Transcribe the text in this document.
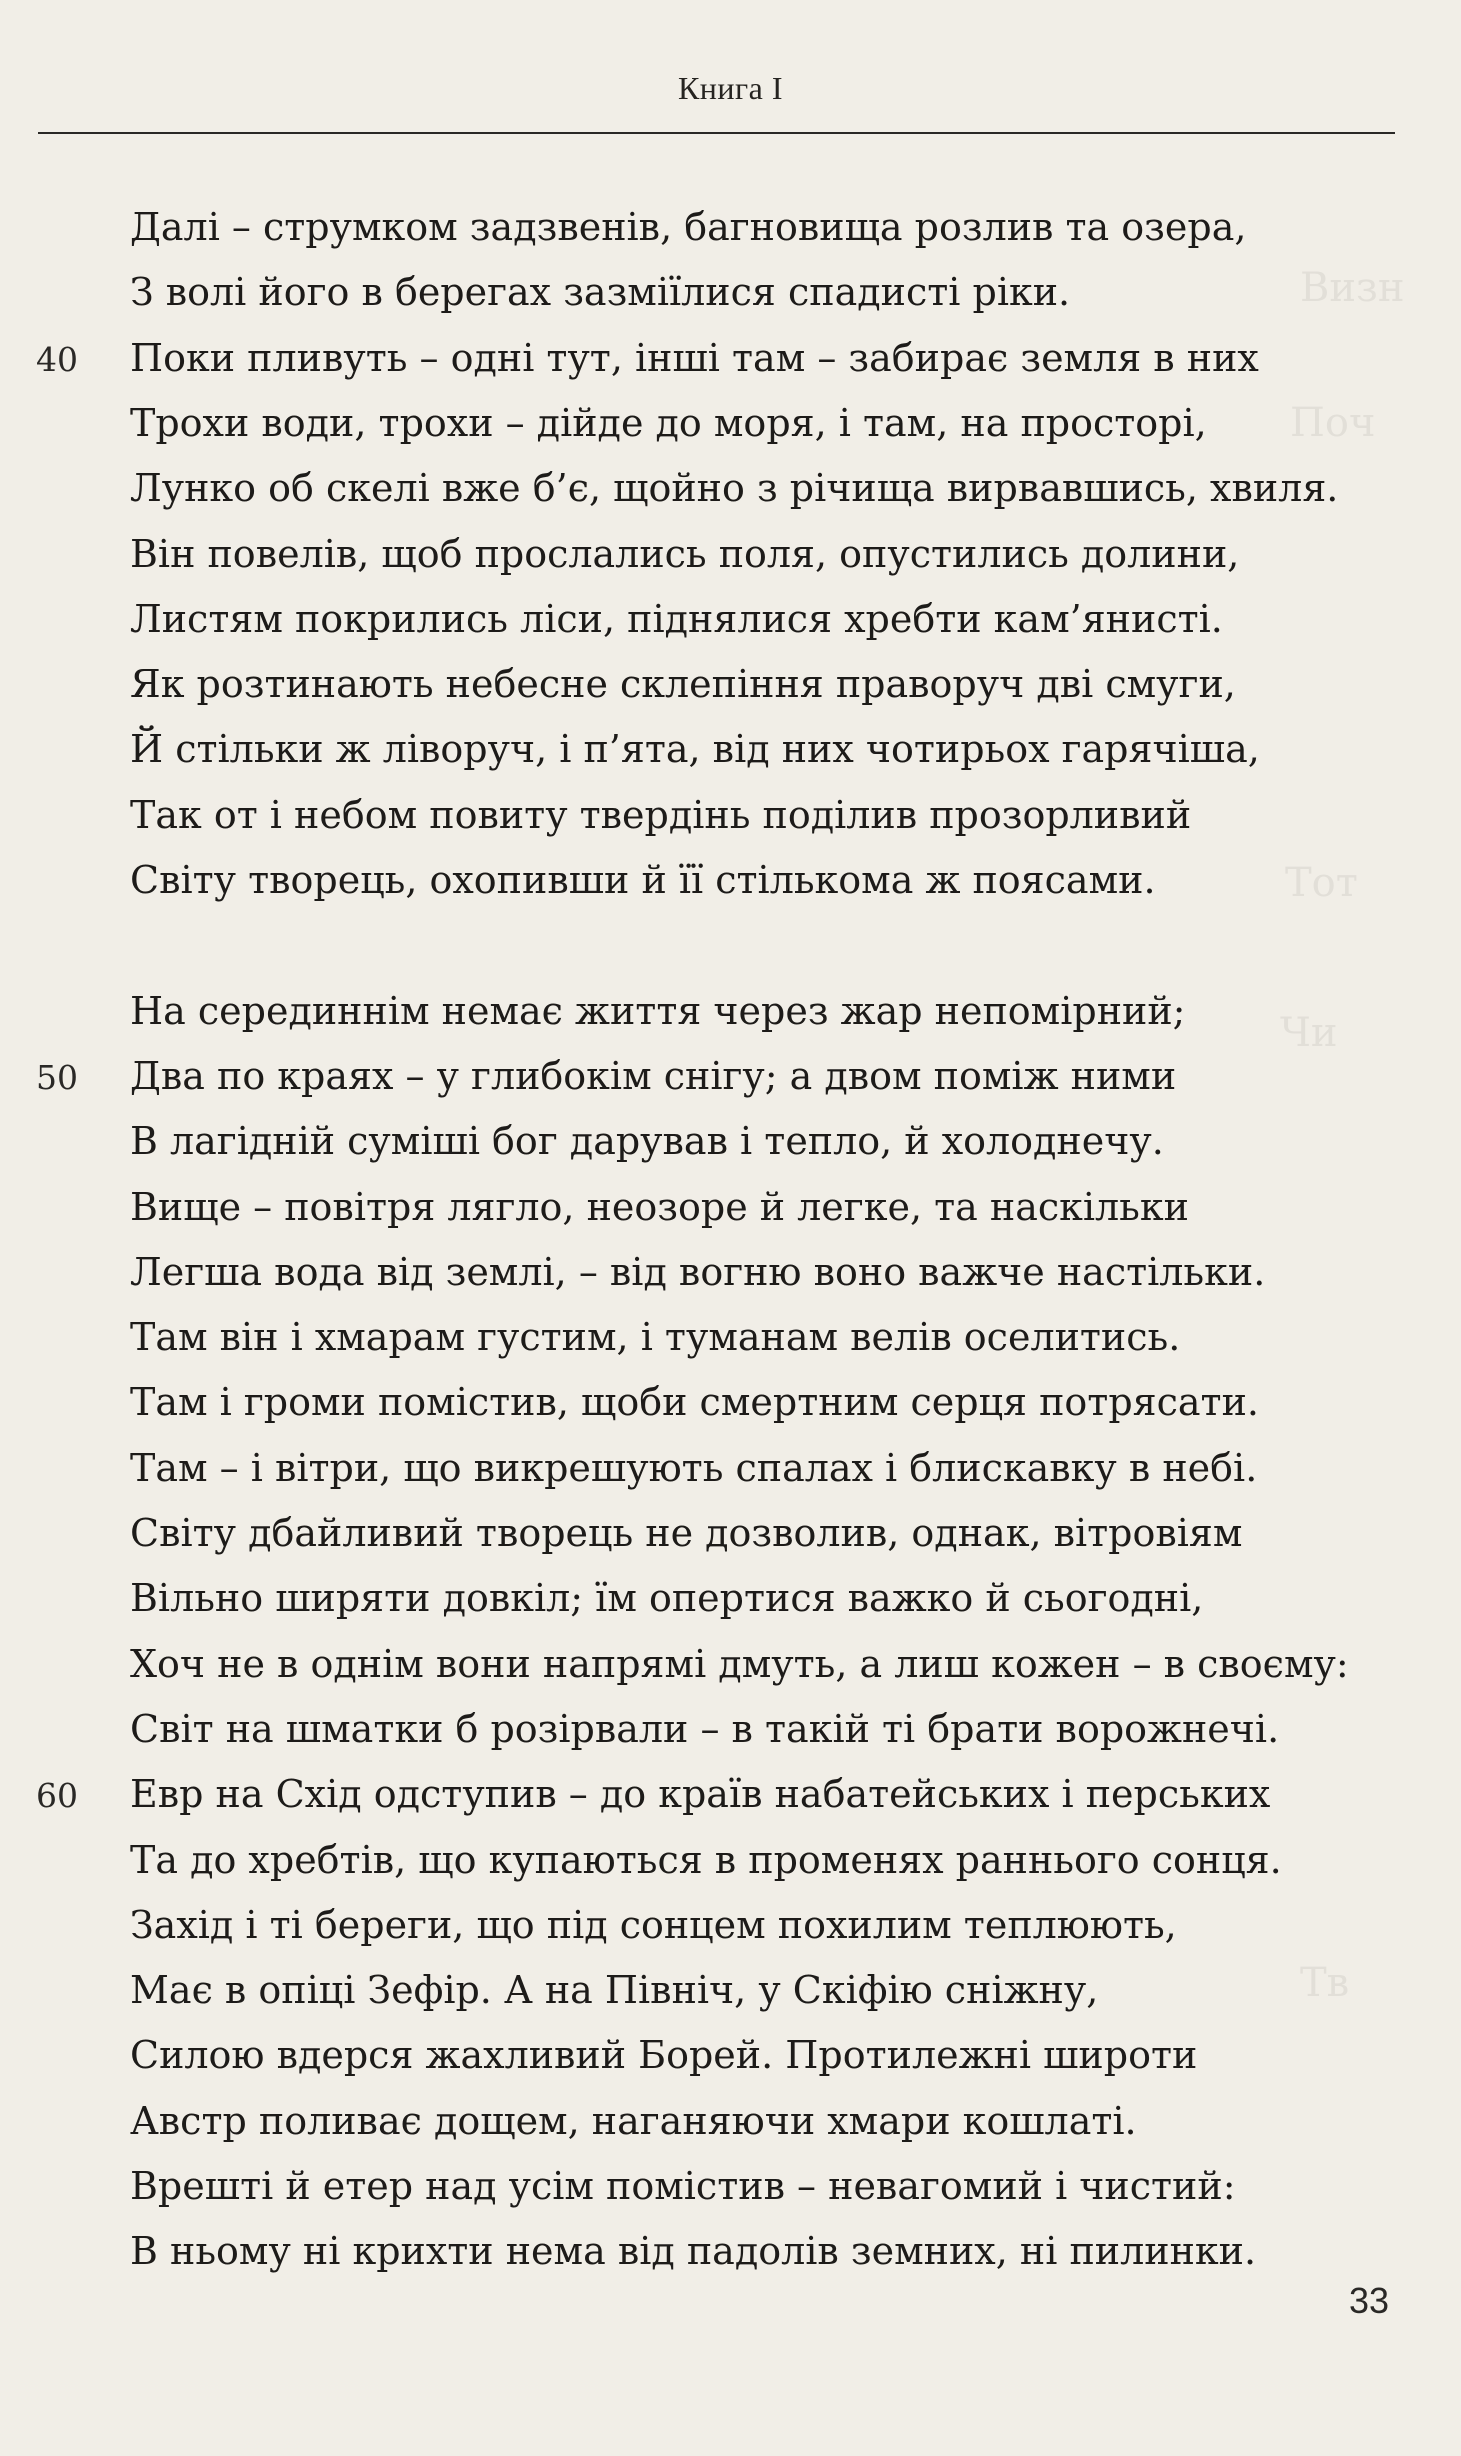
Визн
Поч
Тот
Чи
Тв
Книга I
Далі – струмком задзвенів, багновища розлив та озера,
З волі його в берегах зазміїлися спадисті ріки.
Поки пливуть – одні тут, інші там – забирає земля в них
Трохи води, трохи – дійде до моря, і там, на просторі,
Лунко об скелі вже б’є, щойно з річища вирвавшись, хвиля.
Він повелів, щоб прослались поля, опустились долини,
Листям покрились ліси, піднялися хребти кам’янисті.
Як розтинають небесне склепіння праворуч дві смуги,
Й стільки ж ліворуч, і п’ята, від них чотирьох гарячіша,
Так от і небом повиту твердінь поділив прозорливий
Світу творець, охопивши й її стількома ж поясами.
На серединнім немає життя через жар непомірний;
Два по краях – у глибокім снігу; а двом поміж ними
В лагідній суміші бог дарував і тепло, й холоднечу.
Вище – повітря лягло, неозоре й легке, та наскільки
Легша вода від землі, – від вогню воно важче настільки.
Там він і хмарам густим, і туманам велів оселитись.
Там і громи помістив, щоби смертним серця потрясати.
Там – і вітри, що викрешують спалах і блискавку в небі.
Світу дбайливий творець не дозволив, однак, вітровіям
Вільно ширяти довкіл; їм опертися важко й сьогодні,
Хоч не в однім вони напрямі дмуть, а лиш кожен – в своєму:
Світ на шматки б розірвали – в такій ті брати ворожнечі.
Евр на Схід одступив – до країв набатейських і перських
Та до хребтів, що купаються в променях раннього сонця.
Захід і ті береги, що під сонцем похилим теплюють,
Має в опіці Зефір. А на Північ, у Скіфію сніжну,
Силою вдерся жахливий Борей. Протилежні широти
Австр поливає дощем, наганяючи хмари кошлаті.
Врешті й етер над усім помістив – невагомий і чистий:
В ньому ні крихти нема від падолів земних, ні пилинки.
40
50
60
33
